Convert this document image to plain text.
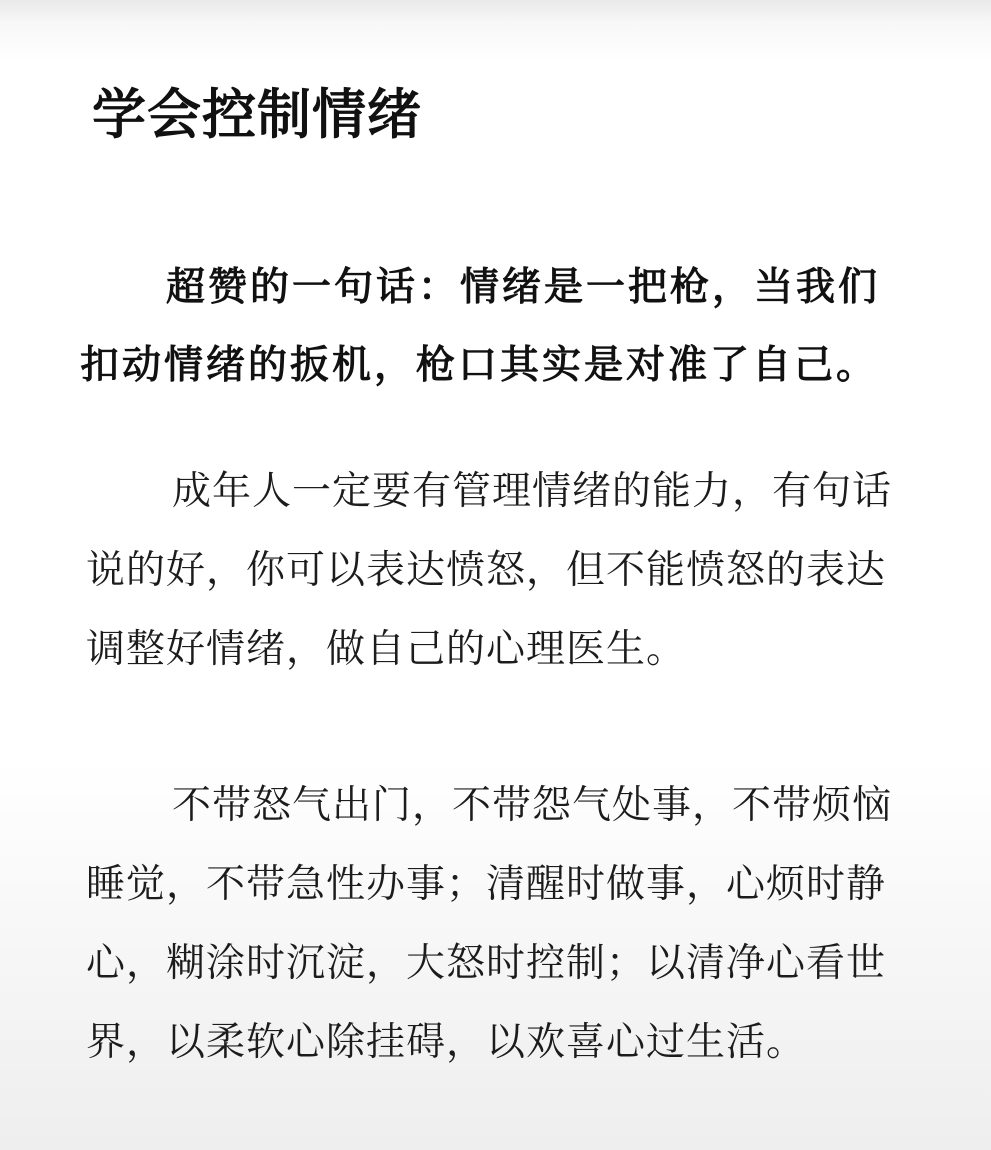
学会控制情绪

超赞的一句话：情绪是一把枪，当我们
扣动情绪的扳机，枪口其实是对准了自己。

成年人一定要有管理情绪的能力，有句话
说的好，你可以表达愤怒，但不能愤怒的表达
调整好情绪，做自己的心理医生。

不带怒气出门，不带怨气处事，不带烦恼
睡觉，不带急性办事；清醒时做事，心烦时静
心，糊涂时沉淀，大怒时控制；以清净心看世
界，以柔软心除挂碍，以欢喜心过生活。
